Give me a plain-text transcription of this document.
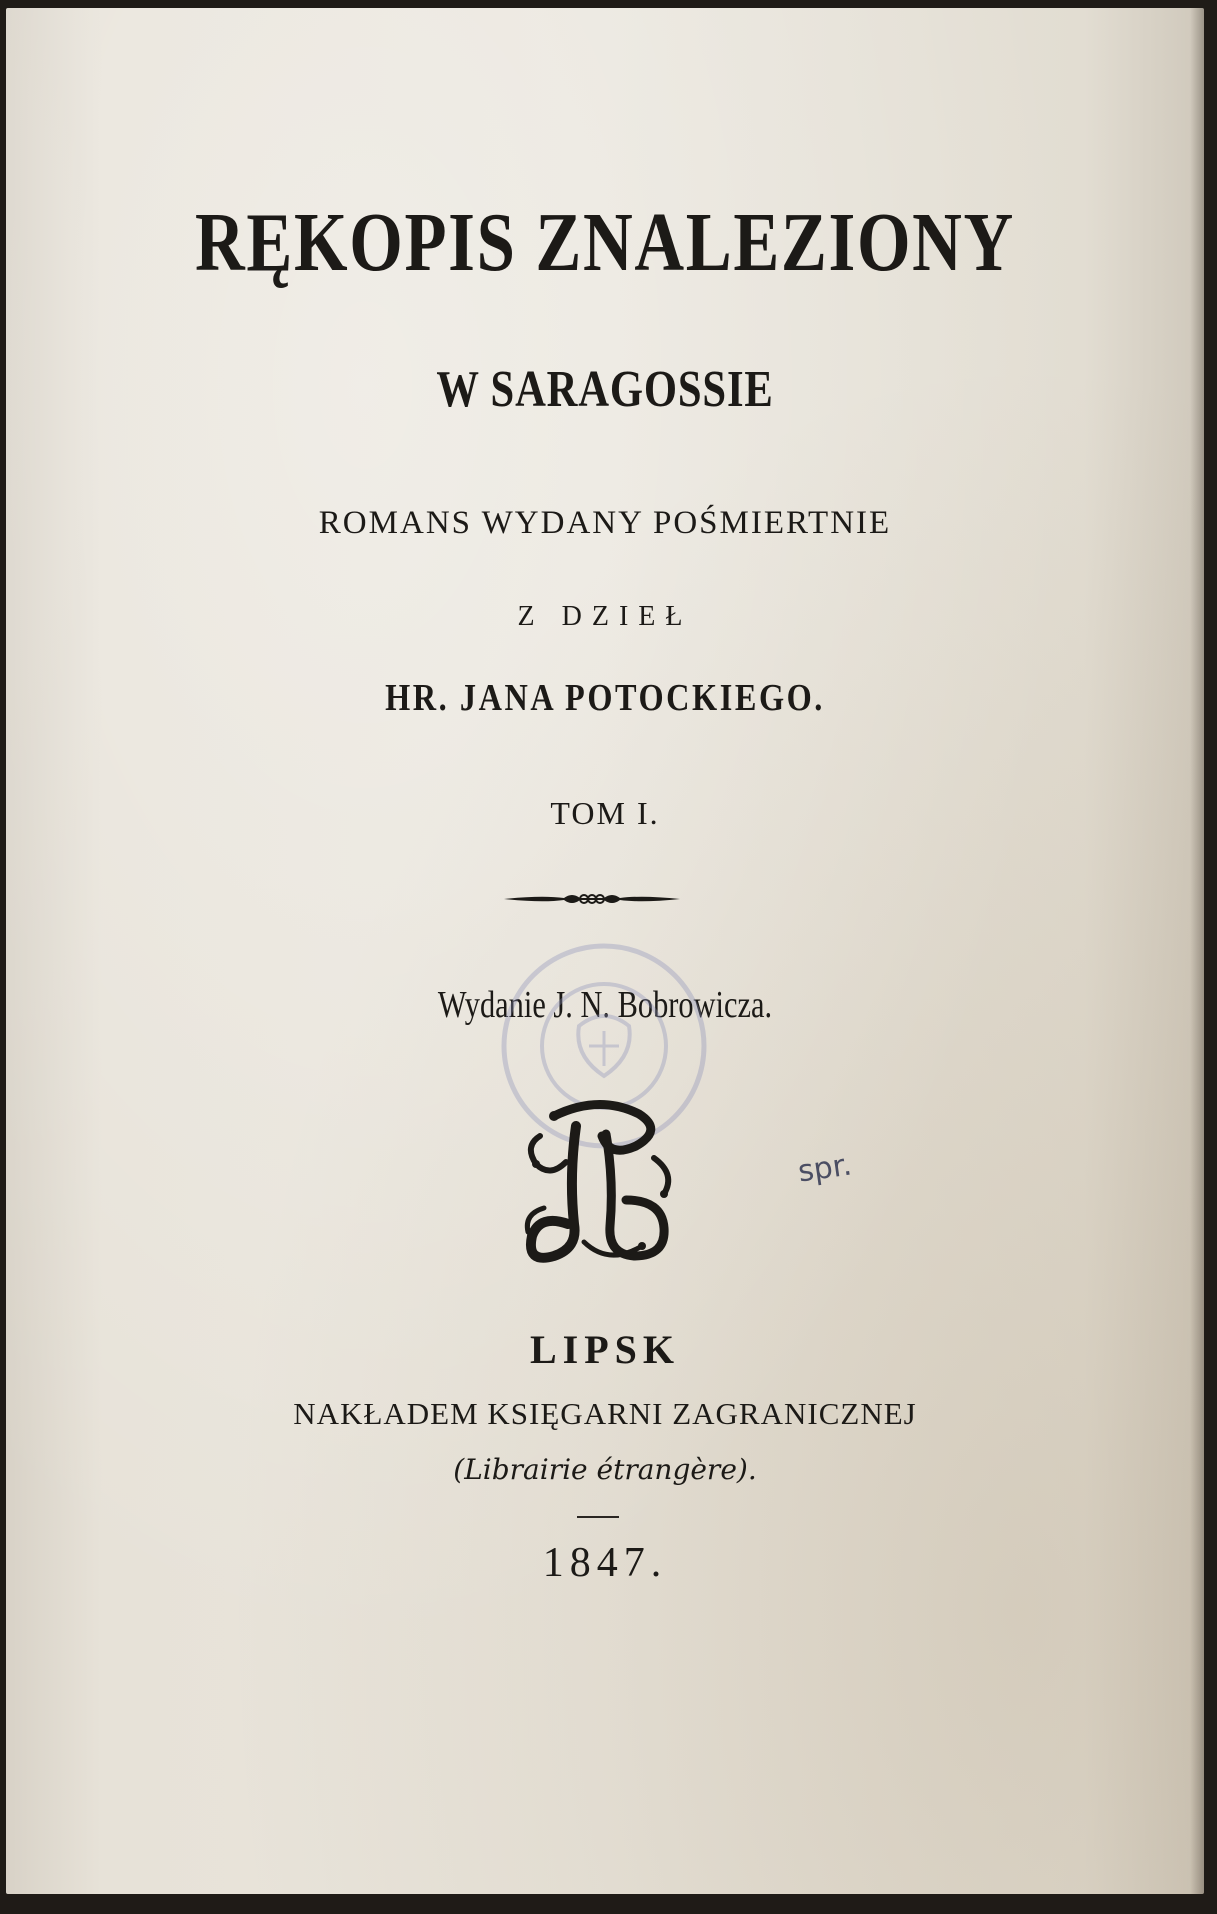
RĘKOPIS ZNALEZIONY
W SARAGOSSIE
ROMANS WYDANY POŚMIERTNIE
Z DZIEŁ
HR. JANA POTOCKIEGO.
TOM I.
Wydanie J. N. Bobrowicza.
spr.
LIPSK
NAKŁADEM KSIĘGARNI ZAGRANICZNEJ
(Librairie étrangère).
1847.
